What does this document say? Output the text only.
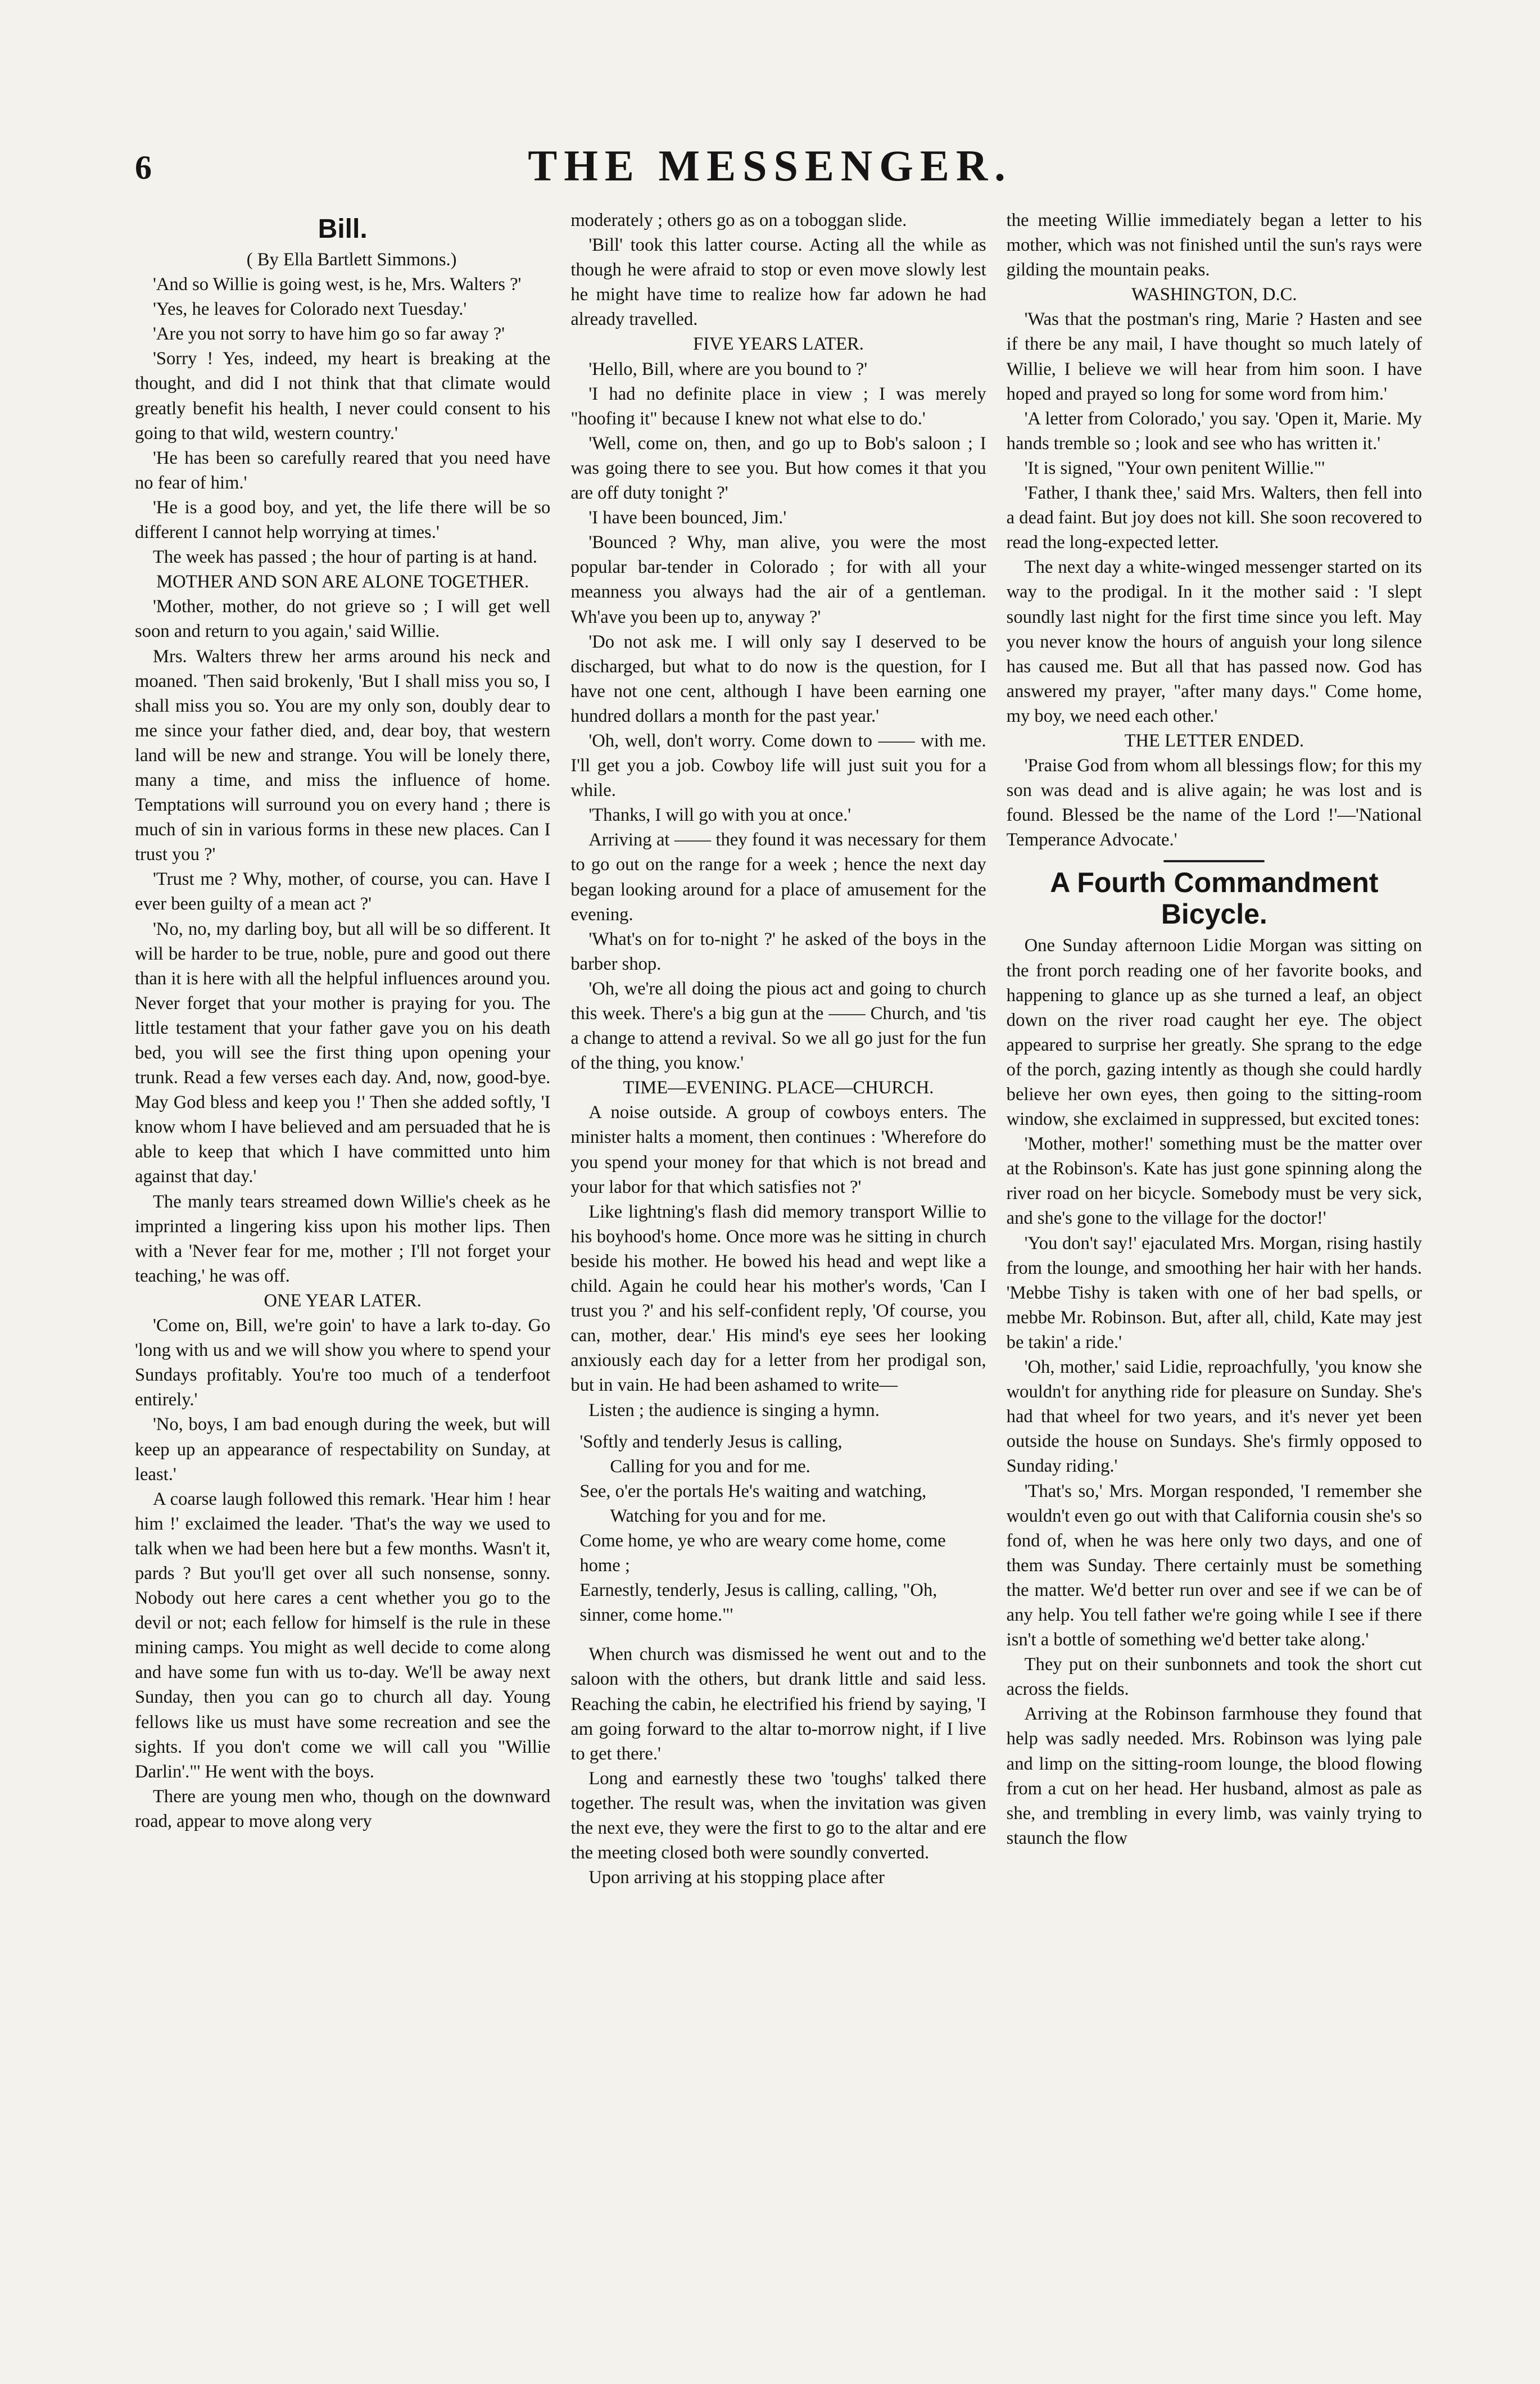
6	THE MESSENGER.
Bill.

( By Ella Bartlett Simmons.)

'And so Willie is going west, is he, Mrs. Walters ?'

'Yes, he leaves for Colorado next Tuesday.'

'Are you not sorry to have him go so far away ?'

'Sorry ! Yes, indeed, my heart is breaking at the thought, and did I not think that that climate would greatly benefit his health, I never could consent to his going to that wild, western country.'

'He has been so carefully reared that you need have no fear of him.'

'He is a good boy, and yet, the life there will be so different I cannot help worrying at times.'

The week has passed ; the hour of parting is at hand.

MOTHER AND SON ARE ALONE TOGETHER.

'Mother, mother, do not grieve so ; I will get well soon and return to you again,' said Willie.

Mrs. Walters threw her arms around his neck and moaned. 'Then said brokenly, 'But I shall miss you so, I shall miss you so. You are my only son, doubly dear to me since your father died, and, dear boy, that western land will be new and strange. You will be lonely there, many a time, and miss the influence of home. Temptations will surround you on every hand ; there is much of sin in various forms in these new places. Can I trust you ?'

'Trust me ? Why, mother, of course, you can. Have I ever been guilty of a mean act ?'

'No, no, my darling boy, but all will be so different. It will be harder to be true, noble, pure and good out there than it is here with all the helpful influences around you. Never forget that your mother is praying for you. The little testament that your father gave you on his death bed, you will see the first thing upon opening your trunk. Read a few verses each day. And, now, good-bye. May God bless and keep you !' Then she added softly, 'I know whom I have believed and am persuaded that he is able to keep that which I have committed unto him against that day.'

The manly tears streamed down Willie's cheek as he imprinted a lingering kiss upon his mother lips. Then with a 'Never fear for me, mother ; I'll not forget your teaching,' he was off.

ONE YEAR LATER.

'Come on, Bill, we're goin' to have a lark to-day. Go 'long with us and we will show you where to spend your Sundays profitably. You're too much of a tenderfoot entirely.'

'No, boys, I am bad enough during the week, but will keep up an appearance of respectability on Sunday, at least.'

A coarse laugh followed this remark. 'Hear him ! hear him !' exclaimed the leader. 'That's the way we used to talk when we had been here but a few months. Wasn't it, pards ? But you'll get over all such nonsense, sonny. Nobody out here cares a cent whether you go to the devil or not; each fellow for himself is the rule in these mining camps. You might as well decide to come along and have some fun with us to-day. We'll be away next Sunday, then you can go to church all day. Young fellows like us must have some recreation and see the sights. If you don't come we will call you "Willie Darlin'."' He went with the boys.

There are young men who, though on the downward road, appear to move along very

moderately ; others go as on a toboggan slide.

'Bill' took this latter course. Acting all the while as though he were afraid to stop or even move slowly lest he might have time to realize how far adown he had already travelled.

FIVE YEARS LATER.

'Hello, Bill, where are you bound to ?'

'I had no definite place in view ; I was merely "hoofing it" because I knew not what else to do.'

'Well, come on, then, and go up to Bob's saloon ; I was going there to see you. But how comes it that you are off duty tonight ?'

'I have been bounced, Jim.'

'Bounced ? Why, man alive, you were the most popular bar-tender in Colorado ; for with all your meanness you always had the air of a gentleman. Wh'ave you been up to, anyway ?'

'Do not ask me. I will only say I deserved to be discharged, but what to do now is the question, for I have not one cent, although I have been earning one hundred dollars a month for the past year.'

'Oh, well, don't worry. Come down to —— with me. I'll get you a job. Cowboy life will just suit you for a while.

'Thanks, I will go with you at once.'

Arriving at —— they found it was necessary for them to go out on the range for a week ; hence the next day began looking around for a place of amusement for the evening.

'What's on for to-night ?' he asked of the boys in the barber shop.

'Oh, we're all doing the pious act and going to church this week. There's a big gun at the —— Church, and 'tis a change to attend a revival. So we all go just for the fun of the thing, you know.'

TIME—EVENING. PLACE—CHURCH.

A noise outside. A group of cowboys enters. The minister halts a moment, then continues : 'Wherefore do you spend your money for that which is not bread and your labor for that which satisfies not ?'

Like lightning's flash did memory transport Willie to his boyhood's home. Once more was he sitting in church beside his mother. He bowed his head and wept like a child. Again he could hear his mother's words, 'Can I trust you ?' and his self-confident reply, 'Of course, you can, mother, dear.' His mind's eye sees her looking anxiously each day for a letter from her prodigal son, but in vain. He had been ashamed to write—

Listen ; the audience is singing a hymn.

'Softly and tenderly Jesus is calling,

Calling for you and for me.

See, o'er the portals He's waiting and watching,

Watching for you and for me.

Come home, ye who are weary come home, come home ;

Earnestly, tenderly, Jesus is calling, calling, "Oh, sinner, come home."'

When church was dismissed he went out and to the saloon with the others, but drank little and said less. Reaching the cabin, he electrified his friend by saying, 'I am going forward to the altar to-morrow night, if I live to get there.'

Long and earnestly these two 'toughs' talked there together. The result was, when the invitation was given the next eve, they were the first to go to the altar and ere the meeting closed both were soundly converted.

Upon arriving at his stopping place after

the meeting Willie immediately began a letter to his mother, which was not finished until the sun's rays were gilding the mountain peaks.

WASHINGTON, D.C.

'Was that the postman's ring, Marie ? Hasten and see if there be any mail, I have thought so much lately of Willie, I believe we will hear from him soon. I have hoped and prayed so long for some word from him.'

'A letter from Colorado,' you say. 'Open it, Marie. My hands tremble so ; look and see who has written it.'

'It is signed, "Your own penitent Willie."'

'Father, I thank thee,' said Mrs. Walters, then fell into a dead faint. But joy does not kill. She soon recovered to read the long-expected letter.

The next day a white-winged messenger started on its way to the prodigal. In it the mother said : 'I slept soundly last night for the first time since you left. May you never know the hours of anguish your long silence has caused me. But all that has passed now. God has answered my prayer, "after many days." Come home, my boy, we need each other.'

THE LETTER ENDED.

'Praise God from whom all blessings flow; for this my son was dead and is alive again; he was lost and is found. Blessed be the name of the Lord !'—'National Temperance Advocate.'

A Fourth Commandment Bicycle.

One Sunday afternoon Lidie Morgan was sitting on the front porch reading one of her favorite books, and happening to glance up as she turned a leaf, an object down on the river road caught her eye. The object appeared to surprise her greatly. She sprang to the edge of the porch, gazing intently as though she could hardly believe her own eyes, then going to the sitting-room window, she exclaimed in suppressed, but excited tones:

'Mother, mother!' something must be the matter over at the Robinson's. Kate has just gone spinning along the river road on her bicycle. Somebody must be very sick, and she's gone to the village for the doctor!'

'You don't say!' ejaculated Mrs. Morgan, rising hastily from the lounge, and smoothing her hair with her hands. 'Mebbe Tishy is taken with one of her bad spells, or mebbe Mr. Robinson. But, after all, child, Kate may jest be takin' a ride.'

'Oh, mother,' said Lidie, reproachfully, 'you know she wouldn't for anything ride for pleasure on Sunday. She's had that wheel for two years, and it's never yet been outside the house on Sundays. She's firmly opposed to Sunday riding.'

'That's so,' Mrs. Morgan responded, 'I remember she wouldn't even go out with that California cousin she's so fond of, when he was here only two days, and one of them was Sunday. There certainly must be something the matter. We'd better run over and see if we can be of any help. You tell father we're going while I see if there isn't a bottle of something we'd better take along.'

They put on their sunbonnets and took the short cut across the fields.

Arriving at the Robinson farmhouse they found that help was sadly needed. Mrs. Robinson was lying pale and limp on the sitting-room lounge, the blood flowing from a cut on her head. Her husband, almost as pale as she, and trembling in every limb, was vainly trying to staunch the flow
